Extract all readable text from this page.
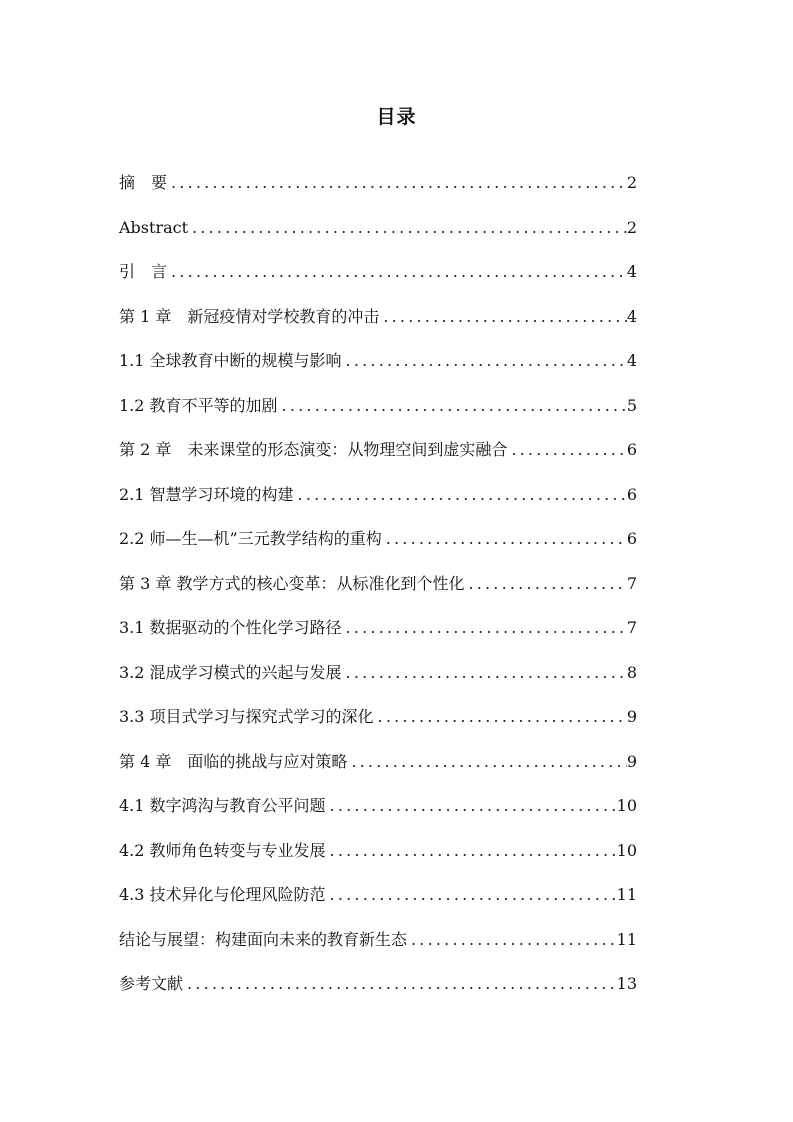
目录
摘　要 .....	2
Abstract .....	2
引　言 .....	4
第 1 章　新冠疫情对学校教育的冲击 .....	4
1.1 全球教育中断的规模与影响 .....	4
1.2 教育不平等的加剧 .....	5
第 2 章　未来课堂的形态演变：从物理空间到虚实融合 .....	6
2.1 智慧学习环境的构建 .....	6
2.2 师—生—机”三元教学结构的重构 .....	6
第 3 章 教学方式的核心变革：从标准化到个性化 .....	7
3.1 数据驱动的个性化学习路径 .....	7
3.2 混成学习模式的兴起与发展 .....	8
3.3 项目式学习与探究式学习的深化 .....	9
第 4 章　面临的挑战与应对策略 .....	9
4.1 数字鸿沟与教育公平问题 .....	10
4.2 教师角色转变与专业发展 .....	10
4.3 技术异化与伦理风险防范 .....	11
结论与展望：构建面向未来的教育新生态 .....	11
参考文献 .....	13
